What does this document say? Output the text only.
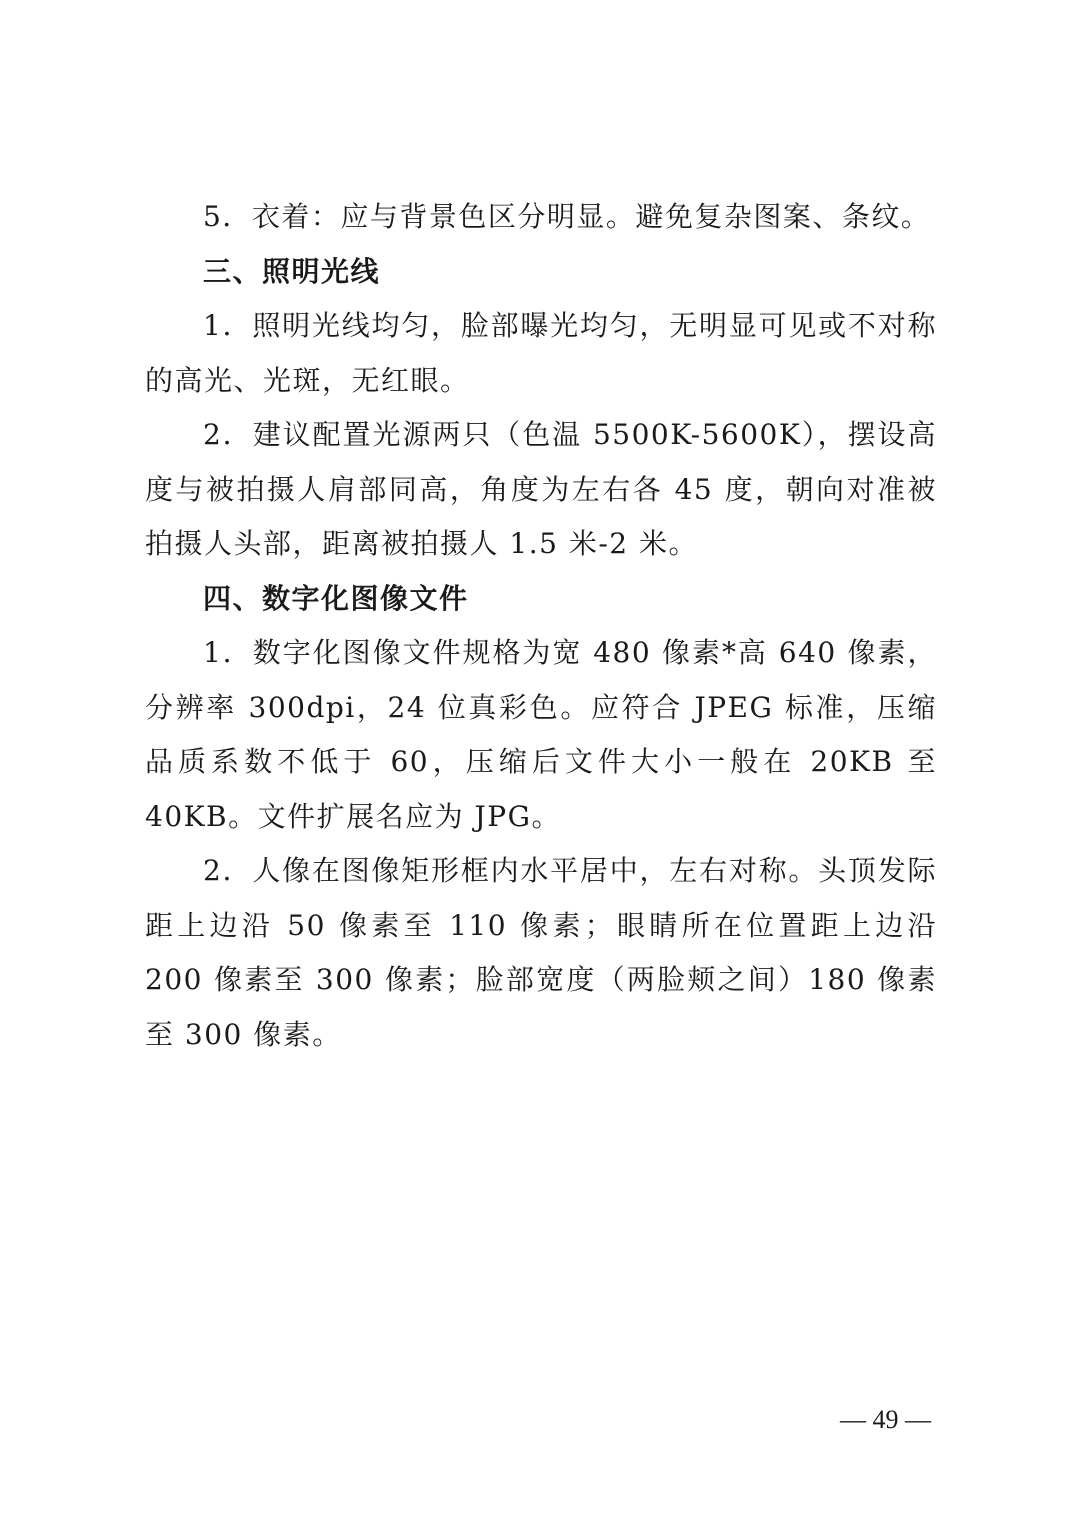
5．衣着：应与背景色区分明显。避免复杂图案、条纹。

三、照明光线

1．照明光线均匀，脸部曝光均匀，无明显可见或不对称的高光、光斑，无红眼。

2．建议配置光源两只（色温 5500K-5600K），摆设高度与被拍摄人肩部同高，角度为左右各 45 度，朝向对准被拍摄人头部，距离被拍摄人 1.5 米-2 米。

四、数字化图像文件

1．数字化图像文件规格为宽 480 像素*高 640 像素，分辨率 300dpi，24 位真彩色。应符合 JPEG 标准，压缩品质系数不低于 60，压缩后文件大小一般在 20KB 至 40KB。文件扩展名应为 JPG。

2．人像在图像矩形框内水平居中，左右对称。头顶发际距上边沿 50 像素至 110 像素；眼睛所在位置距上边沿 200 像素至 300 像素；脸部宽度（两脸颊之间）180 像素至 300 像素。

— 49 —
